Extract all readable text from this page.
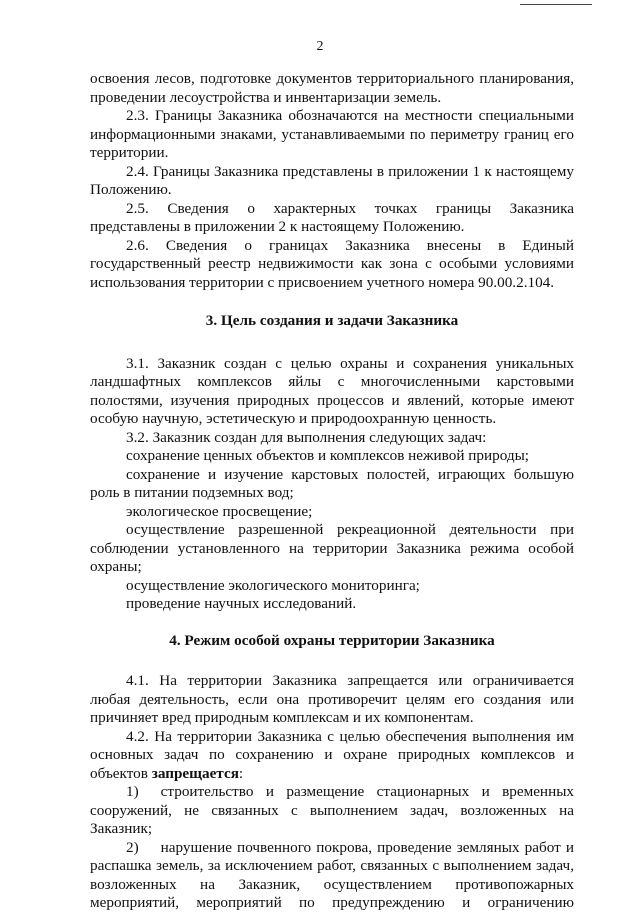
2

освоения лесов, подготовке документов территориального планирования, проведении лесоустройства и инвентаризации земель.

2.3. Границы Заказника обозначаются на местности специальными информационными знаками, устанавливаемыми по периметру границ его территории.

2.4. Границы Заказника представлены в приложении 1 к настоящему Положению.

2.5. Сведения о характерных точках границы Заказника представлены в приложении 2 к настоящему Положению.

2.6. Сведения о границах Заказника внесены в Единый государственный реестр недвижимости как зона с особыми условиями использования территории с присвоением учетного номера 90.00.2.104.

3. Цель создания и задачи Заказника

3.1. Заказник создан с целью охраны и сохранения уникальных ландшафтных комплексов яйлы с многочисленными карстовыми полостями, изучения природных процессов и явлений, которые имеют особую научную, эстетическую и природоохранную ценность.

3.2. Заказник создан для выполнения следующих задач:

сохранение ценных объектов и комплексов неживой природы;

сохранение и изучение карстовых полостей, играющих большую роль в питании подземных вод;

экологическое просвещение;

осуществление разрешенной рекреационной деятельности при соблюдении установленного на территории Заказника режима особой охраны;

осуществление экологического мониторинга;

проведение научных исследований.

4. Режим особой охраны территории Заказника

4.1. На территории Заказника запрещается или ограничивается любая деятельность, если она противоречит целям его создания или причиняет вред природным комплексам и их компонентам.

4.2. На территории Заказника с целью обеспечения выполнения им основных задач по сохранению и охране природных комплексов и объектов запрещается:

1) строительство и размещение стационарных и временных сооружений, не связанных с выполнением задач, возложенных на Заказник;

2) нарушение почвенного покрова, проведение земляных работ и распашка земель, за исключением работ, связанных с выполнением задач, возложенных на Заказник, осуществлением противопожарных мероприятий, мероприятий по предупреждению и ограничению
